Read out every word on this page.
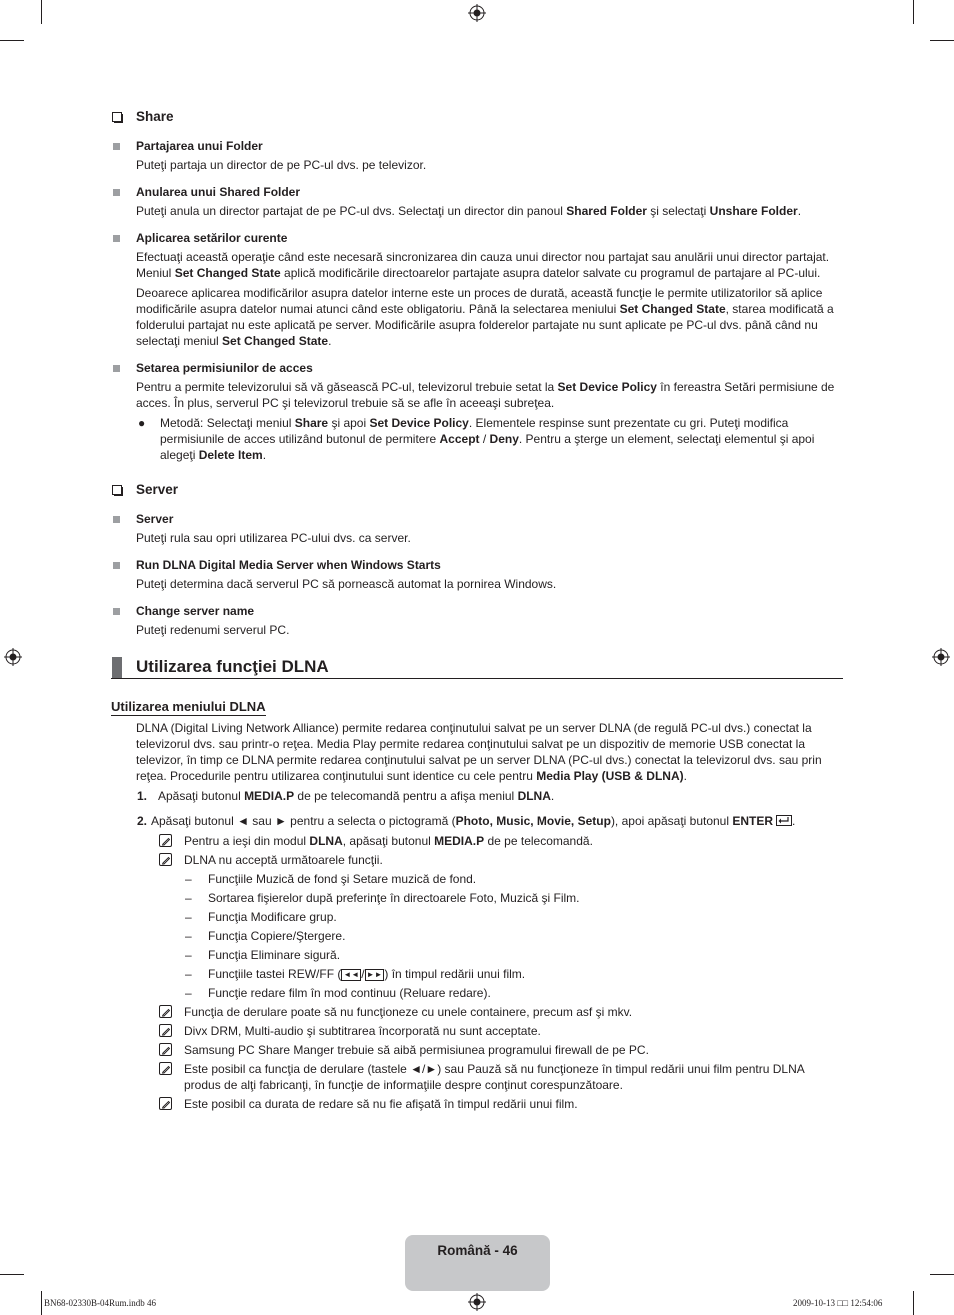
Share
Partajarea unui Folder
Puteţi partaja un director de pe PC-ul dvs. pe televizor.
Anularea unui Shared Folder
Puteţi anula un director partajat de pe PC-ul dvs. Selectaţi un director din panoul Shared Folder şi selectaţi Unshare Folder.
Aplicarea setărilor curente
Efectuaţi această operaţie când este necesară sincronizarea din cauza unui director nou partajat sau anulării unui director partajat. Meniul Set Changed State aplică modificările directoarelor partajate asupra datelor salvate cu programul de partajare al PC-ului.
Deoarece aplicarea modificărilor asupra datelor interne este un proces de durată, această funcţie le permite utilizatorilor să aplice modificările asupra datelor numai atunci când este obligatoriu. Până la selectarea meniului Set Changed State, starea modificată a folderului partajat nu este aplicată pe server. Modificările asupra folderelor partajate nu sunt aplicate pe PC-ul dvs. până când nu selectaţi meniul Set Changed State.
Setarea permisiunilor de acces
Pentru a permite televizorului să vă găsească PC-ul, televizorul trebuie setat la Set Device Policy în fereastra Setări permisiune de acces. În plus, serverul PC şi televizorul trebuie să se afle în aceeaşi subreţea.
● Metodă: Selectaţi meniul Share şi apoi Set Device Policy. Elementele respinse sunt prezentate cu gri. Puteţi modifica permisiunile de acces utilizând butonul de permitere Accept / Deny. Pentru a şterge un element, selectaţi elementul şi apoi alegeţi Delete Item.
Server
Server
Puteţi rula sau opri utilizarea PC-ului dvs. ca server.
Run DLNA Digital Media Server when Windows Starts
Puteţi determina dacă serverul PC să pornească automat la pornirea Windows.
Change server name
Puteţi redenumi serverul PC.
Utilizarea funcţiei DLNA
Utilizarea meniului DLNA
DLNA (Digital Living Network Alliance) permite redarea conţinutului salvat pe un server DLNA (de regulă PC-ul dvs.) conectat la televizorul dvs. sau printr-o reţea. Media Play permite redarea conţinutului salvat pe un dispozitiv de memorie USB conectat la televizor, în timp ce DLNA permite redarea conţinutului salvat pe un server DLNA (PC-ul dvs.) conectat la televizorul dvs. sau prin reţea. Procedurile pentru utilizarea conţinutului sunt identice cu cele pentru Media Play (USB & DLNA).
1. Apăsaţi butonul MEDIA.P de pe telecomandă pentru a afişa meniul DLNA.
2. Apăsaţi butonul ◄ sau ► pentru a selecta o pictogramă (Photo, Music, Movie, Setup), apoi apăsaţi butonul ENTER .
Pentru a ieşi din modul DLNA, apăsaţi butonul MEDIA.P de pe telecomandă.
DLNA nu acceptă următoarele funcţii.
– Funcţiile Muzică de fond şi Setare muzică de fond.
– Sortarea fişierelor după preferinţe în directoarele Foto, Muzică şi Film.
– Funcţia Modificare grup.
– Funcţia Copiere/Ştergere.
– Funcţia Eliminare sigură.
– Funcţiile tastei REW/FF ( ◄◄ / ►► ) în timpul redării unui film.
– Funcţie redare film în mod continuu (Reluare redare).
Funcţia de derulare poate să nu funcţioneze cu unele containere, precum asf şi mkv.
Divx DRM, Multi-audio şi subtitrarea încorporată nu sunt acceptate.
Samsung PC Share Manger trebuie să aibă permisiunea programului firewall de pe PC.
Este posibil ca funcţia de derulare (tastele ◄/►) sau Pauză să nu funcţioneze în timpul redării unui film pentru DLNA produs de alţi fabricanţi, în funcţie de informaţiile despre conţinut corespunzătoare.
Este posibil ca durata de redare să nu fie afişată în timpul redării unui film.
Română - 46
BN68-02330B-04Rum.indb 46	2009-10-13 □□ 12:54:06
